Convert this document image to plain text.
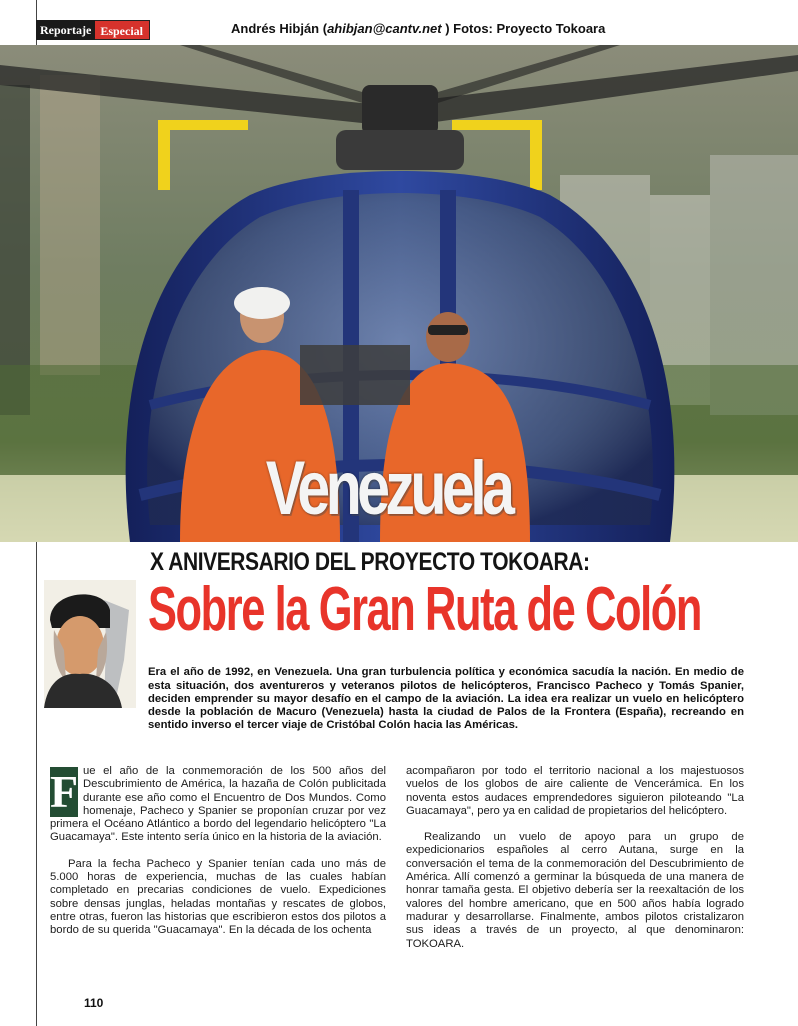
Reportaje Especial	Andrés Hibján (ahibjan@cantv.net ) Fotos: Proyecto Tokoara
Venezuela
X ANIVERSARIO DEL PROYECTO TOKOARA:
Sobre la Gran Ruta de Colón

Era el año de 1992, en Venezuela. Una gran turbulencia política y económica sacudía la nación. En medio de esta situación, dos aventureros y veteranos pilotos de helicópteros, Francisco Pacheco y Tomás Spanier, deciden emprender su mayor desafío en el campo de la aviación. La idea era realizar un vuelo en helicóptero desde la población de Macuro (Venezuela) hasta la ciudad de Palos de la Frontera (España), recreando en sentido inverso el tercer viaje de Cristóbal Colón hacia las Américas.

F ue el año de la conmemoración de los 500 años del Descubrimiento de América, la hazaña de Colón publicitada durante ese año como el Encuentro de Dos Mundos. Como homenaje, Pacheco y Spanier se proponían cruzar por vez primera el Océano Atlántico a bordo del legendario helicóptero "La Guacamaya". Este intento sería único en la historia de la aviación.

Para la fecha Pacheco y Spanier tenían cada uno más de 5.000 horas de experiencia, muchas de las cuales habían completado en precarias condiciones de vuelo. Expediciones sobre densas junglas, heladas montañas y rescates de globos, entre otras, fueron las historias que escribieron estos dos pilotos a bordo de su querida "Guacamaya". En la década de los ochenta

acompañaron por todo el territorio nacional a los majestuosos vuelos de los globos de aire caliente de Vencerámica. En los noventa estos audaces emprendedores siguieron piloteando "La Guacamaya", pero ya en calidad de propietarios del helicóptero.

Realizando un vuelo de apoyo para un grupo de expedicionarios españoles al cerro Autana, surge en la conversación el tema de la conmemoración del Descubrimiento de América. Allí comenzó a germinar la búsqueda de una manera de honrar tamaña gesta. El objetivo debería ser la reexaltación de los valores del hombre americano, que en 500 años había logrado madurar y desarrollarse. Finalmente, ambos pilotos cristalizaron sus ideas a través de un proyecto, al que denominaron: TOKOARA.

110
